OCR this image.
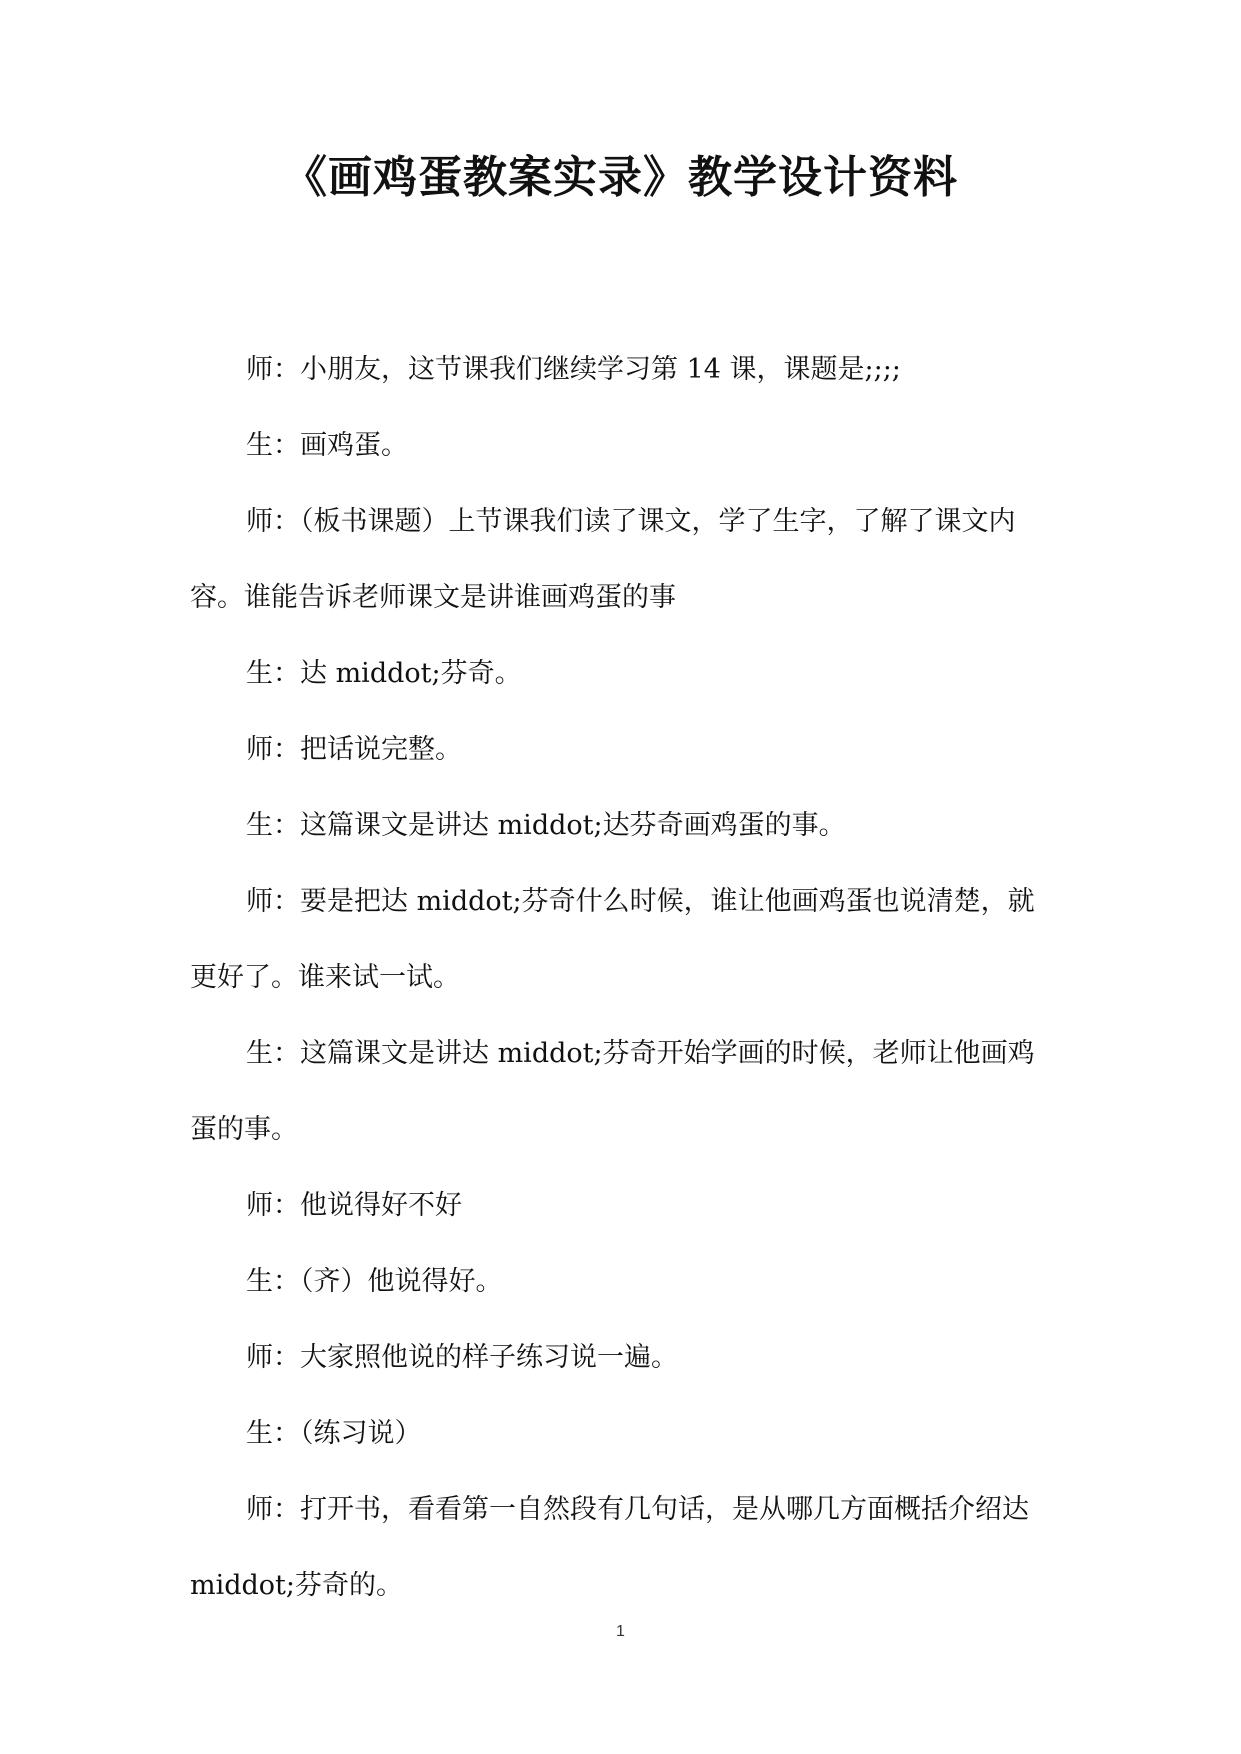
《画鸡蛋教案实录》教学设计资料

师：小朋友，这节课我们继续学习第 14 课，课题是;;;;

生：画鸡蛋。

师：（板书课题）上节课我们读了课文，学了生字，了解了课文内容。谁能告诉老师课文是讲谁画鸡蛋的事

生：达 middot;芬奇。

师：把话说完整。

生：这篇课文是讲达 middot;达芬奇画鸡蛋的事。

师：要是把达 middot;芬奇什么时候，谁让他画鸡蛋也说清楚，就更好了。谁来试一试。

生：这篇课文是讲达 middot;芬奇开始学画的时候，老师让他画鸡蛋的事。

师：他说得好不好

生：（齐）他说得好。

师：大家照他说的样子练习说一遍。

生：（练习说）

师：打开书，看看第一自然段有几句话，是从哪几方面概括介绍达 middot;芬奇的。

1
